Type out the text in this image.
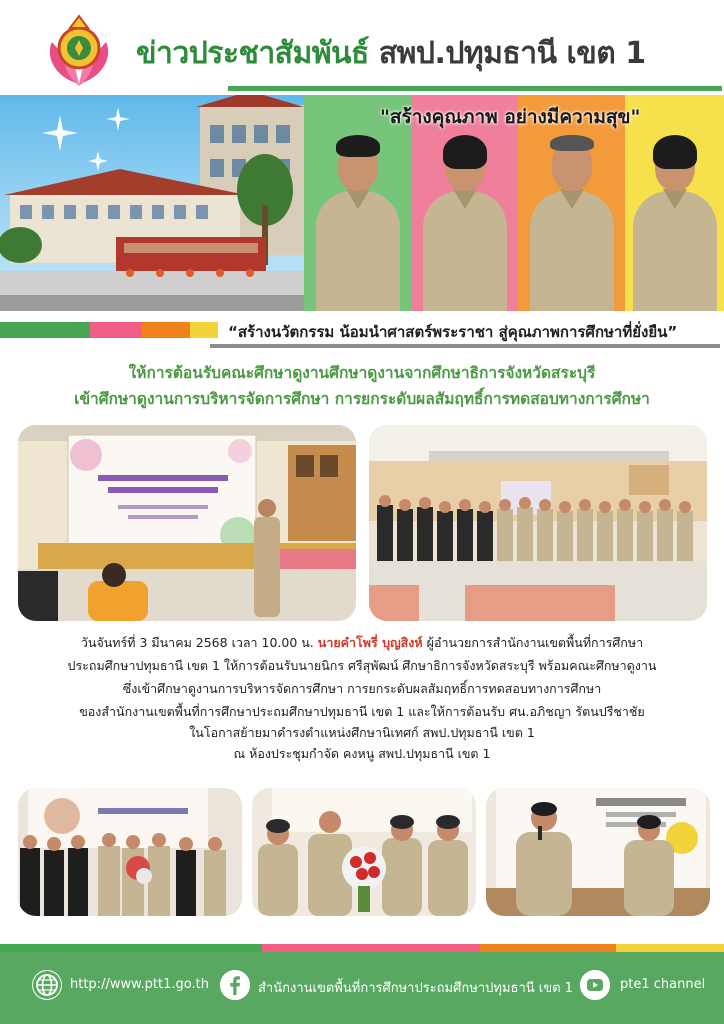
ข่าวประชาสัมพันธ์ สพป.ปทุมธานี เขต 1
"สร้างคุณภาพ อย่างมีความสุข"
“สร้างนวัตกรรม น้อมนำศาสตร์พระราชา สู่คุณภาพการศึกษาที่ยั่งยืน”
ให้การต้อนรับคณะศึกษาดูงานศึกษาดูงานจากศึกษาธิการจังหวัดสระบุรี
เข้าศึกษาดูงานการบริหารจัดการศึกษา การยกระดับผลสัมฤทธิ์การทดสอบทางการศึกษา
วันจันทร์ที่ 3 มีนาคม 2568 เวลา 10.00 น. นายคำโพรี่ บุญสิงห์ ผู้อำนวยการสำนักงานเขตพื้นที่การศึกษา
ประถมศึกษาปทุมธานี เขต 1 ให้การต้อนรับนายนิกร ศรีสุพัฒน์ ศึกษาธิการจังหวัดสระบุรี พร้อมคณะศึกษาดูงาน
ซึ่งเข้าศึกษาดูงานการบริหารจัดการศึกษา การยกระดับผลสัมฤทธิ์การทดสอบทางการศึกษา
ของสำนักงานเขตพื้นที่การศึกษาประถมศึกษาปทุมธานี เขต 1 และให้การต้อนรับ ศน.อภิชญา รัตนปรีชาชัย
ในโอกาสย้ายมาดำรงตำแหน่งศึกษานิเทศก์ สพป.ปทุมธานี เขต 1
ณ ห้องประชุมกำจัด คงหนู สพป.ปทุมธานี เขต 1
http://www.ptt1.go.th	สำนักงานเขตพื้นที่การศึกษาประถมศึกษาปทุมธานี เขต 1	pte1 channel
